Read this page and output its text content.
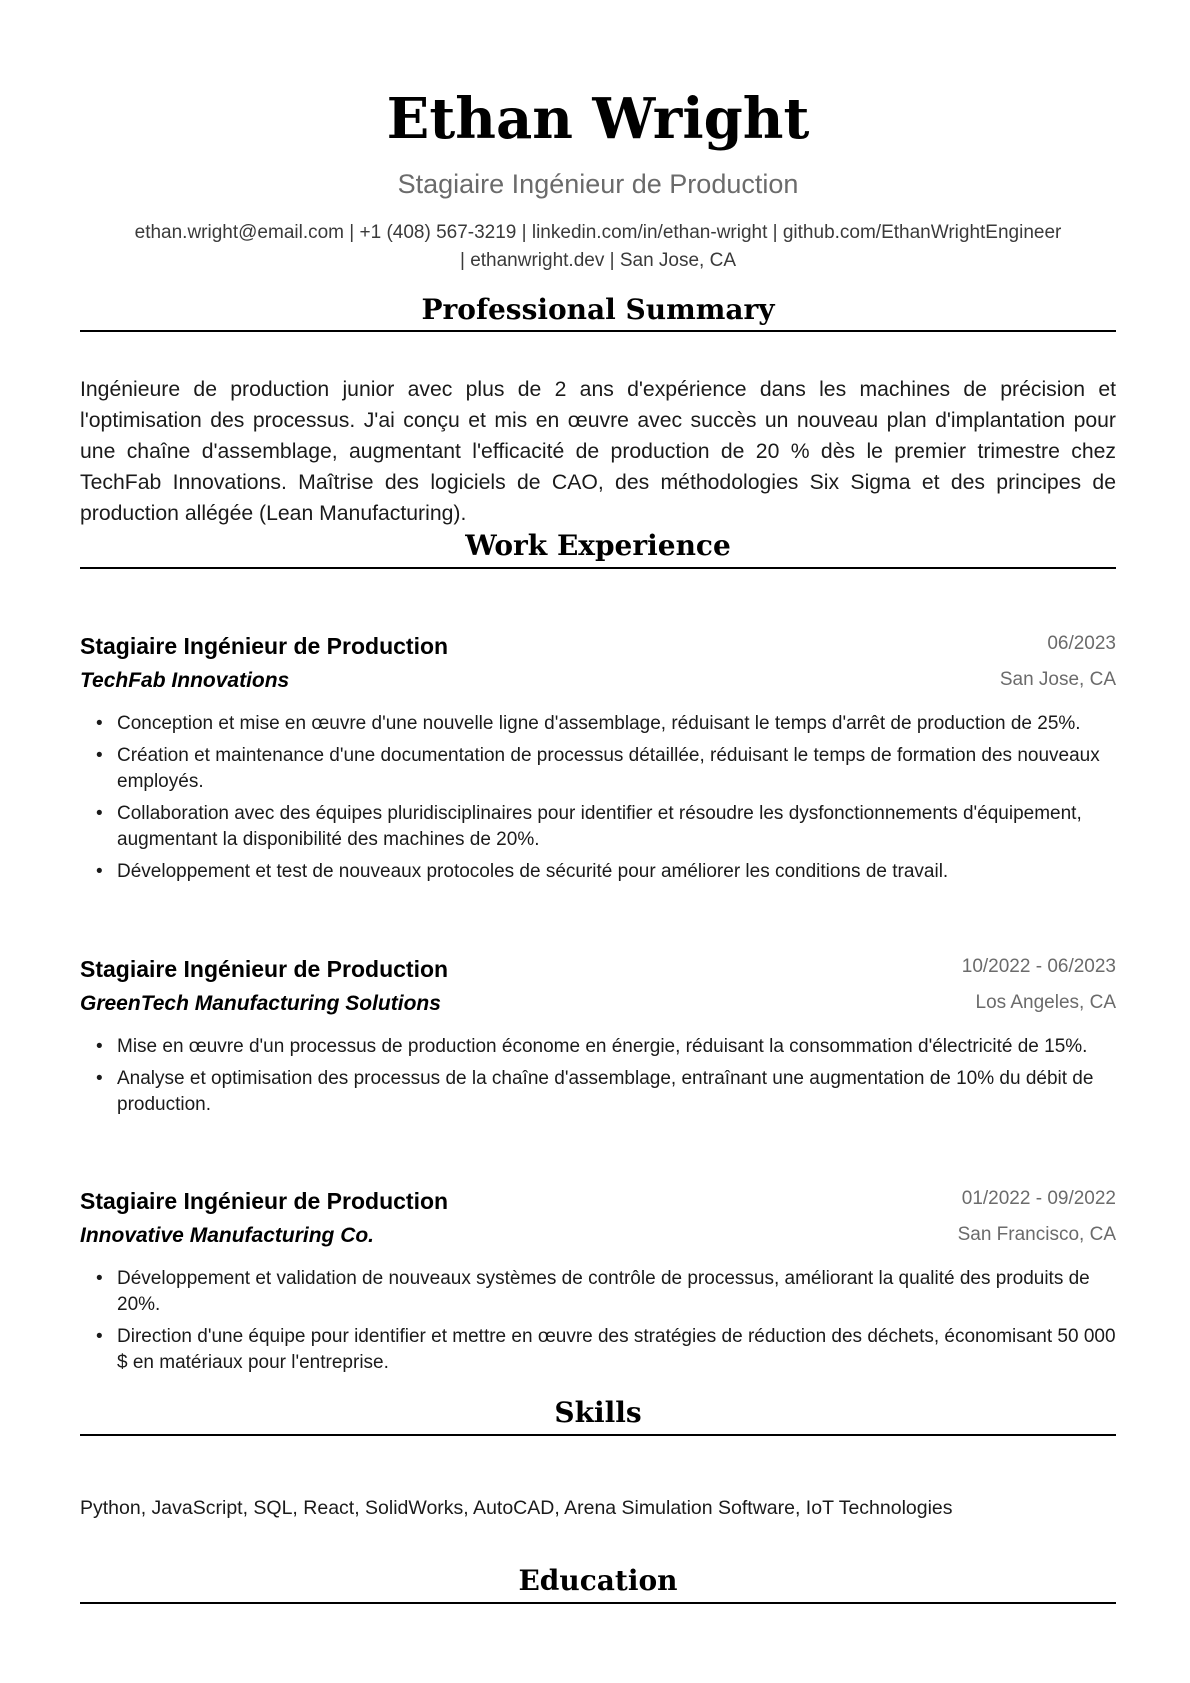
Ethan Wright
Stagiaire Ingénieur de Production
ethan.wright@email.com | +1 (408) 567-3219 | linkedin.com/in/ethan-wright | github.com/EthanWrightEngineer
| ethanwright.dev | San Jose, CA
Professional Summary
Ingénieure de production junior avec plus de 2 ans d'expérience dans les machines de précision et l'optimisation des processus. J'ai conçu et mis en œuvre avec succès un nouveau plan d'implantation pour une chaîne d'assemblage, augmentant l'efficacité de production de 20 % dès le premier trimestre chez TechFab Innovations. Maîtrise des logiciels de CAO, des méthodologies Six Sigma et des principes de production allégée (Lean Manufacturing).
Work Experience
Stagiaire Ingénieur de Production	06/2023
TechFab Innovations	San Jose, CA
• Conception et mise en œuvre d'une nouvelle ligne d'assemblage, réduisant le temps d'arrêt de production de 25%.
• Création et maintenance d'une documentation de processus détaillée, réduisant le temps de formation des nouveaux employés.
• Collaboration avec des équipes pluridisciplinaires pour identifier et résoudre les dysfonctionnements d'équipement, augmentant la disponibilité des machines de 20%.
• Développement et test de nouveaux protocoles de sécurité pour améliorer les conditions de travail.
Stagiaire Ingénieur de Production	10/2022 - 06/2023
GreenTech Manufacturing Solutions	Los Angeles, CA
• Mise en œuvre d'un processus de production économe en énergie, réduisant la consommation d'électricité de 15%.
• Analyse et optimisation des processus de la chaîne d'assemblage, entraînant une augmentation de 10% du débit de production.
Stagiaire Ingénieur de Production	01/2022 - 09/2022
Innovative Manufacturing Co.	San Francisco, CA
• Développement et validation de nouveaux systèmes de contrôle de processus, améliorant la qualité des produits de 20%.
• Direction d'une équipe pour identifier et mettre en œuvre des stratégies de réduction des déchets, économisant 50 000 $ en matériaux pour l'entreprise.
Skills
Python, JavaScript, SQL, React, SolidWorks, AutoCAD, Arena Simulation Software, IoT Technologies
Education
